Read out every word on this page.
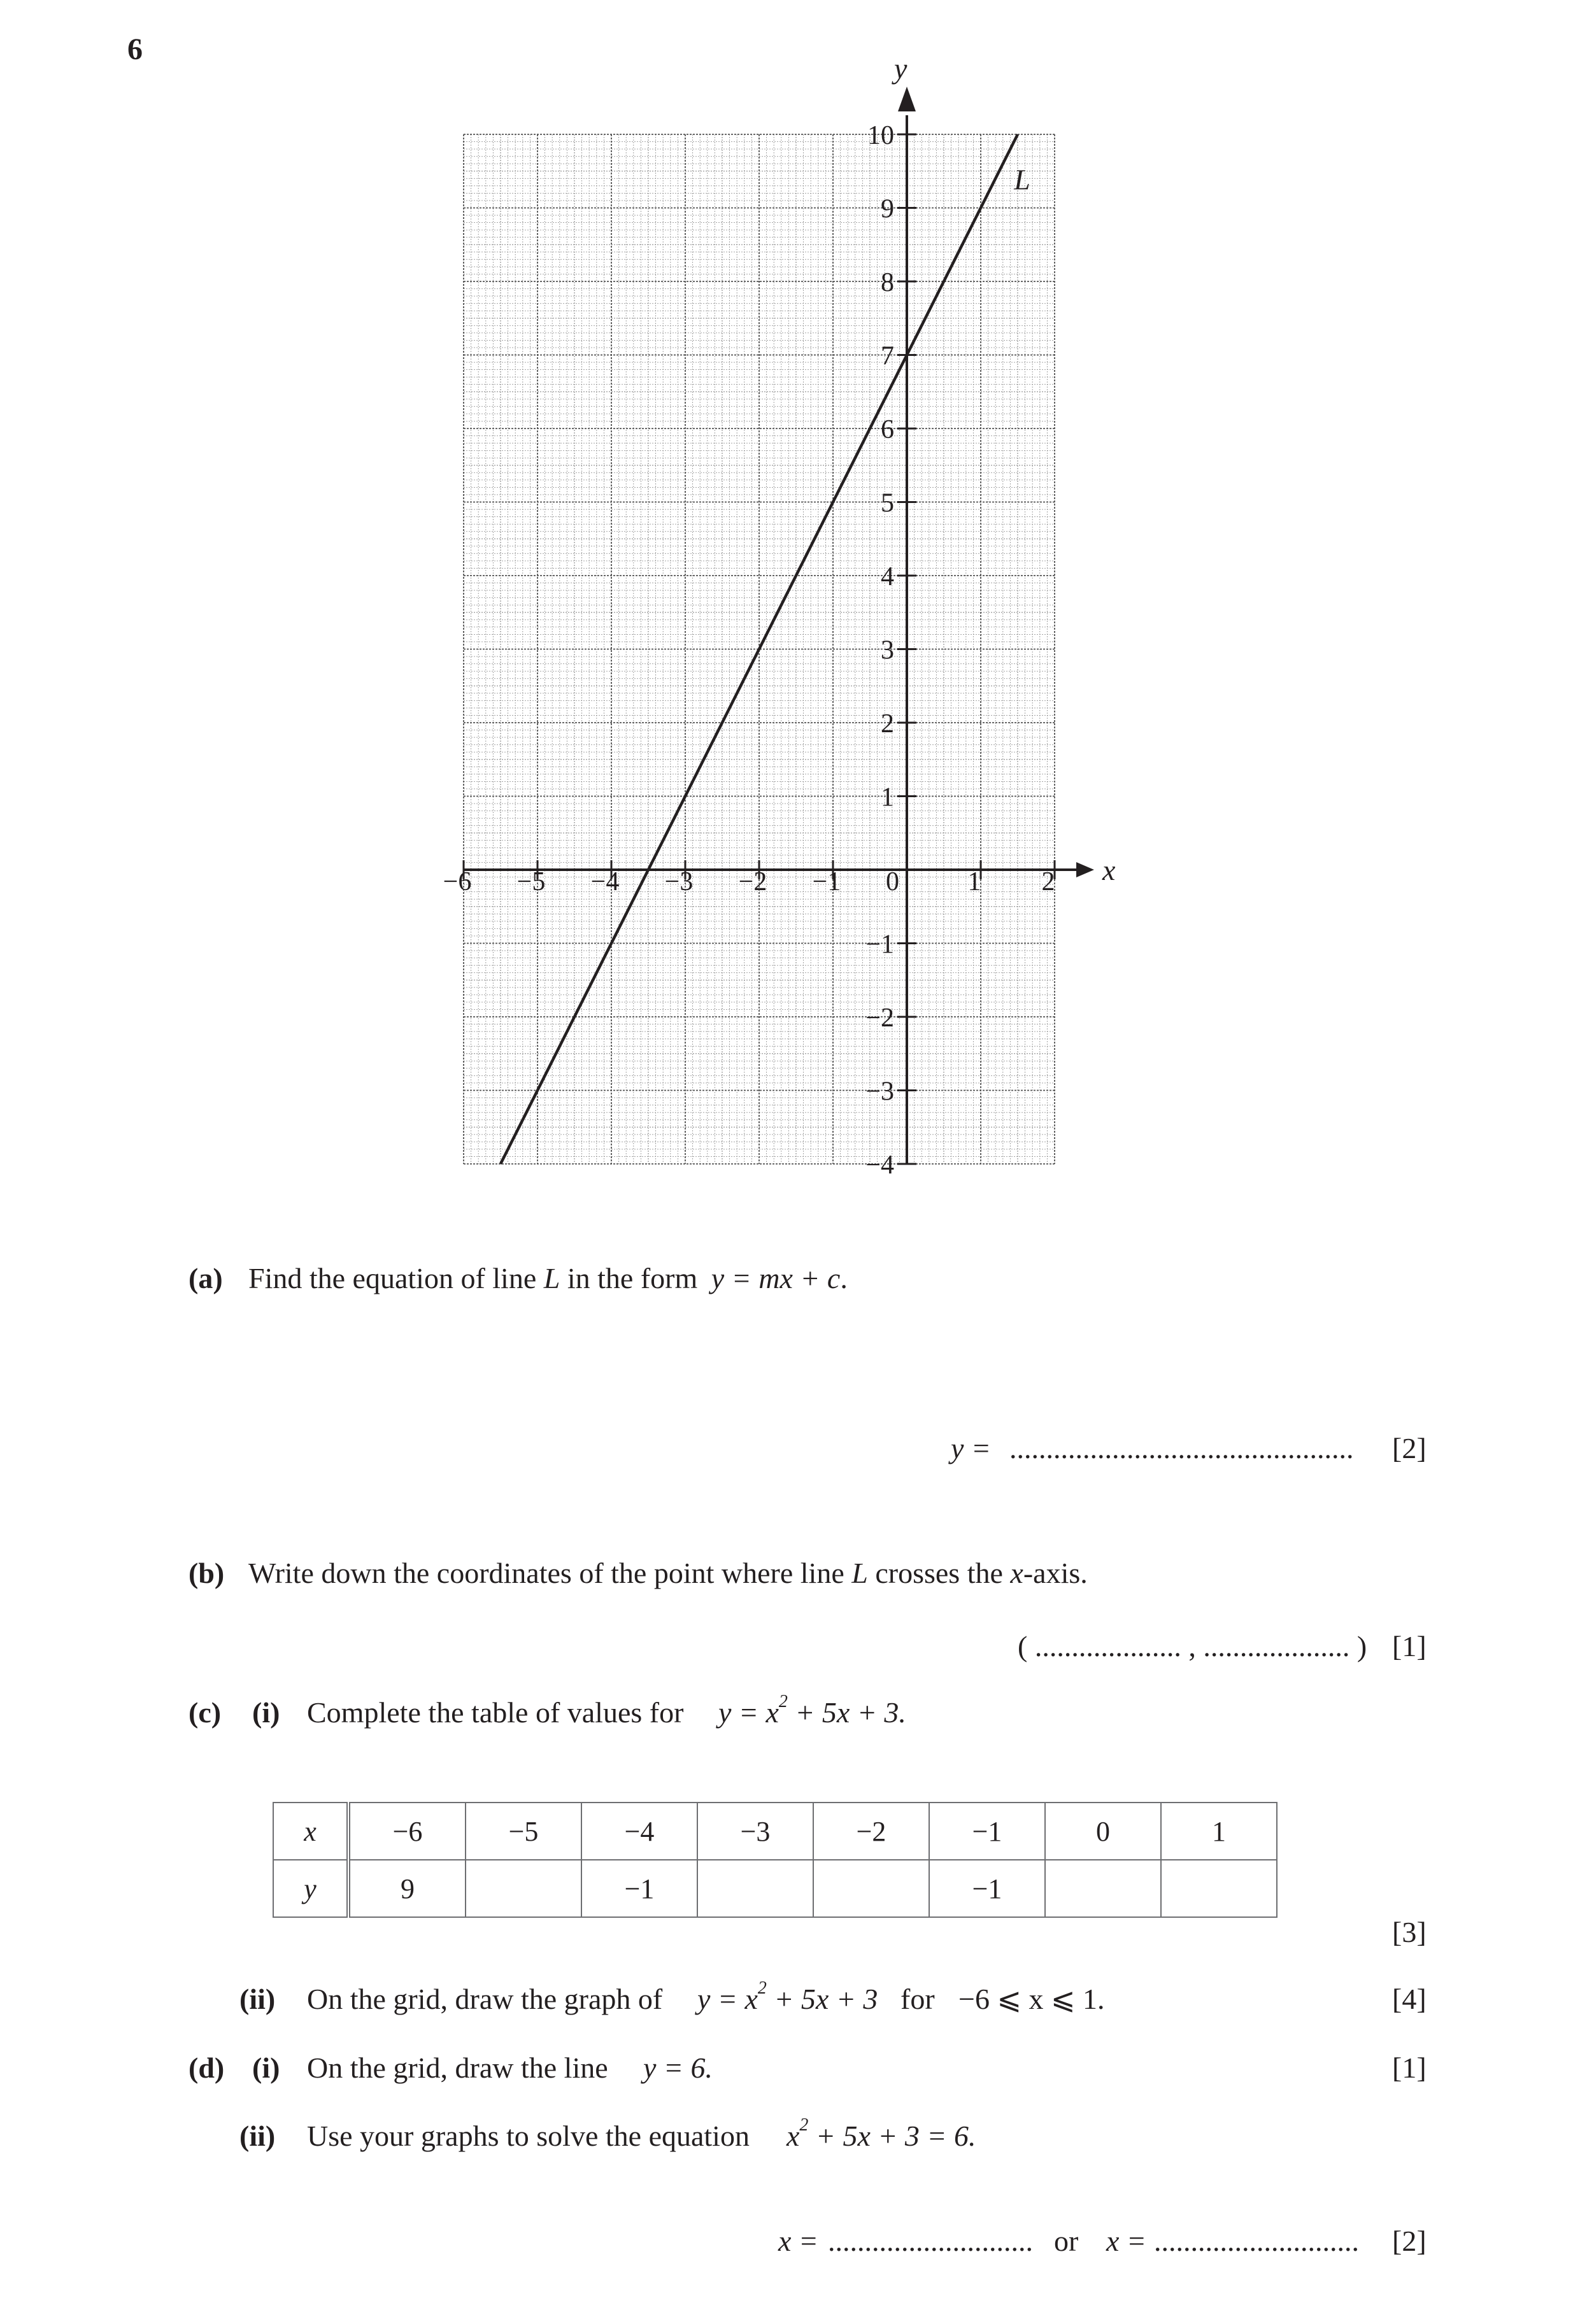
6
x
y
−6 −5 −4 −3 −2 −1 0	1 2
−4
−3
−2
−1
1
2
3
4
5
6
7
8
9
10
L
(a) Find the equation of line L in the form y = mx + c.
y = ............................................... [2]
(b) Write down the coordinates of the point where line L crosses the x-axis.
( .................... , .................... ) [1]
(c) (i) Complete the table of values for $y = x^2 + 5x + 3$.
x	−6	−5	−4	−3	−2	−1	0	1
y	9		−1			−1		
[3]
(ii) On the grid, draw the graph of $y = x^2 + 5x + 3$ for −6 ⩽ x ⩽ 1.	[4]
(d) (i) On the grid, draw the line y = 6.	[1]
(ii) Use your graphs to solve the equation $x^2 + 5x + 3 = 6$.
x = ............................ or x = ............................ [2]
